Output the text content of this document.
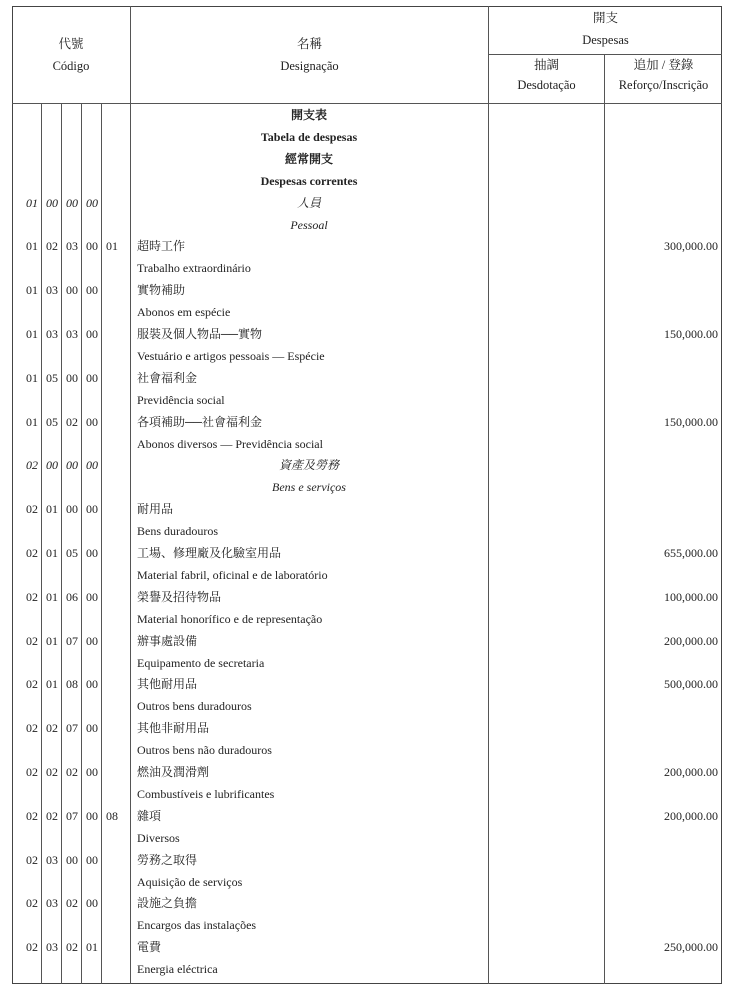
代號
Código
名稱
Designação
開支
Despesas
抽調
Desdotação
追加 / 登錄
Reforço/Inscrição
開支表
Tabela de despesas
經常開支
Despesas correntes
01 00 00 00	人員
Pessoal
01 02 03 00 01	超時工作	300,000.00
Trabalho extraordinário
01 03 00 00	實物補助
Abonos em espécie
01 03 03 00	服裝及個人物品──實物	150,000.00
Vestuário e artigos pessoais — Espécie
01 05 00 00	社會福利金
Previdência social
01 05 02 00	各項補助──社會福利金	150,000.00
Abonos diversos — Previdência social
02 00 00 00	資產及勞務
Bens e serviços
02 01 00 00	耐用品
Bens duradouros
02 01 05 00	工場、修理廠及化驗室用品	655,000.00
Material fabril, oficinal e de laboratório
02 01 06 00	榮譽及招待物品	100,000.00
Material honorífico e de representação
02 01 07 00	辦事處設備	200,000.00
Equipamento de secretaria
02 01 08 00	其他耐用品	500,000.00
Outros bens duradouros
02 02 07 00	其他非耐用品
Outros bens não duradouros
02 02 02 00	燃油及潤滑劑	200,000.00
Combustíveis e lubrificantes
02 02 07 00 08	雜項	200,000.00
Diversos
02 03 00 00	勞務之取得
Aquisição de serviços
02 03 02 00	設施之負擔
Encargos das instalações
02 03 02 01	電費	250,000.00
Energia eléctrica
